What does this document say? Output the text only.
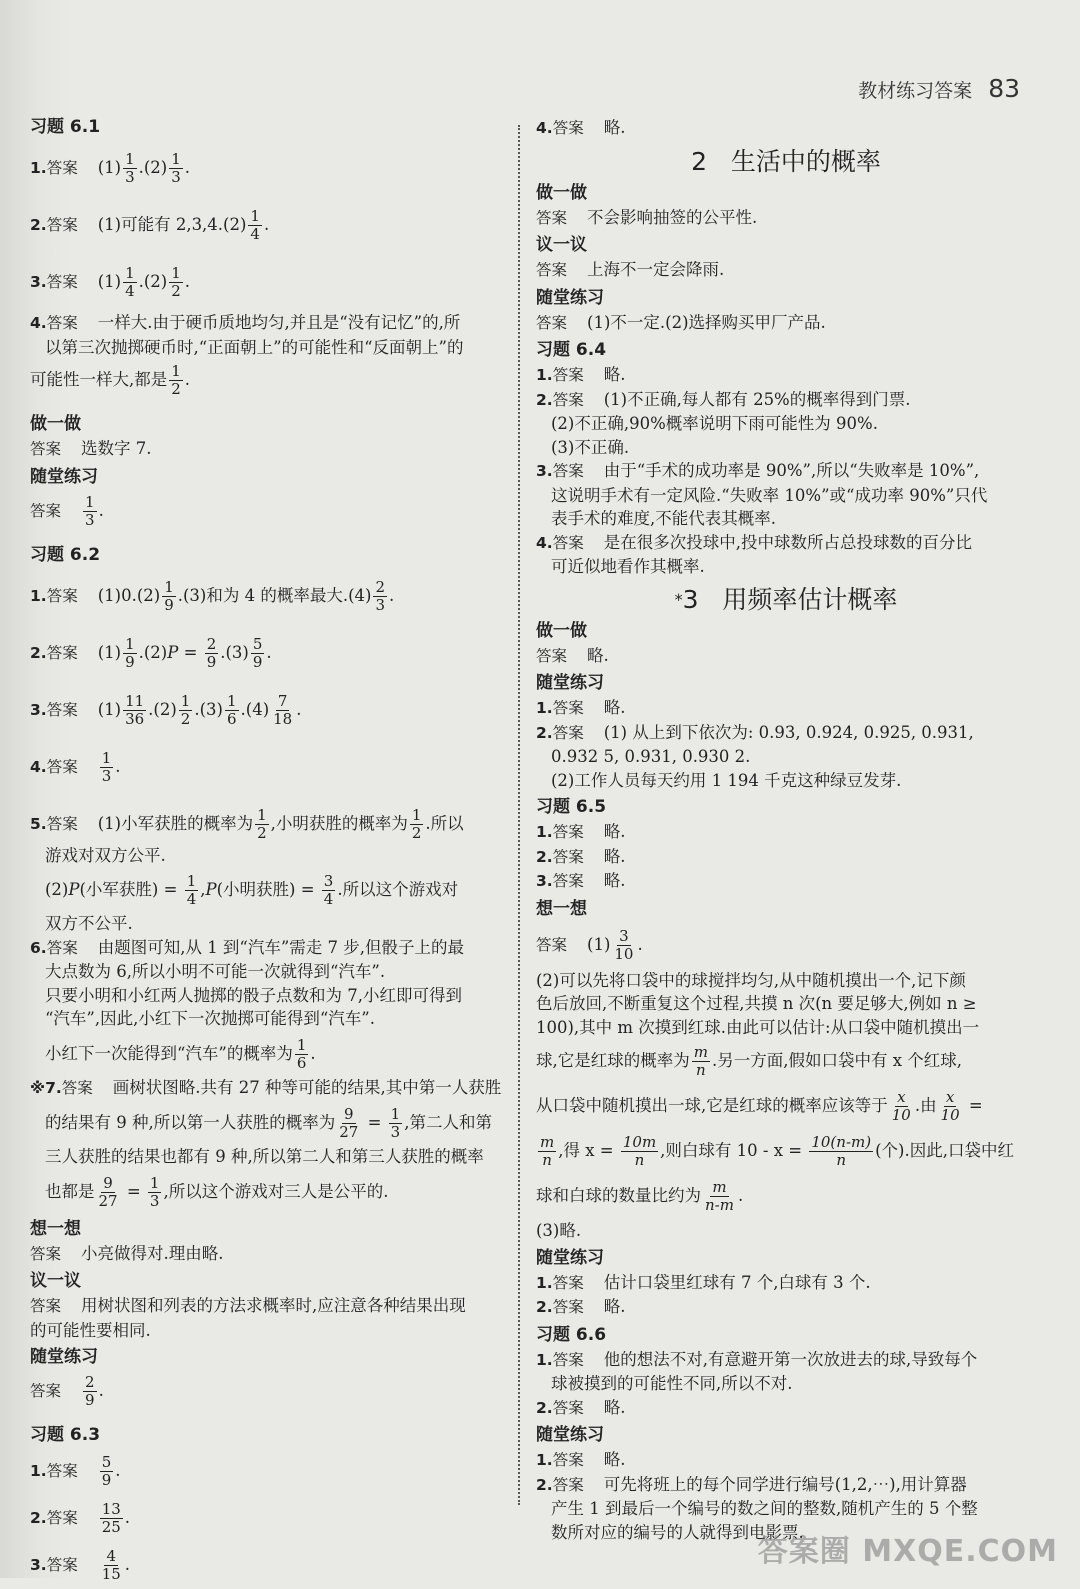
教材练习答案 83
习题 6.1
1.答案 $(1) \frac{1}{3} .(2) \frac{1}{3}$ .
2.答案 (1)可能有 $2,3,4.(2) \frac{1}{4}$ .
3.答案 $(1) \frac{1}{4} .(2) \frac{1}{2}$ .
4.答案 一样大.由于硬币质地均匀,并且是“没有记忆”的,所
以第三次抛掷硬币时,“正面朝上”的可能性和“反面朝上”的
可能性一样大,都是 $\frac{1}{2}$ .
做一做
答案 选数字 7.
随堂练习
答案 $\frac{1}{3}$ .
习题 6.2
1.答案 $(1)0.(2) \frac{1}{9} .(3)$和为 4 的概率最大$.(4) \frac{2}{3}$ .
2.答案 $(1) \frac{1}{9} .(2)P = \frac{2}{9} .(3) \frac{5}{9}$ .
3.答案 $(1) \frac{11}{36} .(2) \frac{1}{2} .(3) \frac{1}{6} .(4) \frac{7}{18}$ .
4.答案 $\frac{1}{3}$ .
5.答案 (1)小军获胜的概率为 $\frac{1}{2}$ ,小明获胜的概率为 $\frac{1}{2}$ .所以
游戏对双方公平.
(2)P(小军获胜) = $\frac{1}{4} ,P$(小明获胜) = $\frac{3}{4}$ .所以这个游戏对
双方不公平.
6.答案 由题图可知,从 1 到“汽车”需走 7 步,但骰子上的最
大点数为 6,所以小明不可能一次就得到“汽车”.
只要小明和小红两人抛掷的骰子点数和为 7,小红即可得到
“汽车”,因此,小红下一次抛掷可能得到“汽车”.
小红下一次能得到“汽车”的概率为 $\frac{1}{6}$ .
※7.答案 画树状图略.共有 27 种等可能的结果,其中第一人获胜
的结果有 9 种,所以第一人获胜的概率为 $\frac{9}{27} = \frac{1}{3}$ ,第二人和第
三人获胜的结果也都有 9 种,所以第二人和第三人获胜的概率
也都是 $\frac{9}{27} = \frac{1}{3}$ ,所以这个游戏对三人是公平的.
想一想
答案 小亮做得对.理由略.
议一议
答案 用树状图和列表的方法求概率时,应注意各种结果出现
的可能性要相同.
随堂练习
答案 $\frac{2}{9}$ .
习题 6.3
1.答案 $\frac{5}{9}$ .
2.答案 $\frac{13}{25}$ .
3.答案 $\frac{4}{15}$ .
4.答案 略.
2 生活中的概率
做一做
答案 不会影响抽签的公平性.
议一议
答案 上海不一定会降雨.
随堂练习
答案 (1)不一定.(2)选择购买甲厂产品.
习题 6.4
1.答案 略.
2.答案 (1)不正确,每人都有 25%的概率得到门票.
(2)不正确,90%概率说明下雨可能性为 90%.
(3)不正确.
3.答案 由于“手术的成功率是 90%”,所以“失败率是 10%”,
这说明手术有一定风险.“失败率 10%”或“成功率 90%”只代
表手术的难度,不能代表其概率.
4.答案 是在很多次投球中,投中球数所占总投球数的百分比
可近似地看作其概率.
*3 用频率估计概率
做一做
答案 略.
随堂练习
1.答案 略.
2.答案 (1) 从上到下依次为: 0.93, 0.924, 0.925, 0.931,
0.932 5, 0.931, 0.930 2.
(2)工作人员每天约用 1 194 千克这种绿豆发芽.
习题 6.5
1.答案 略.
2.答案 略.
3.答案 略.
想一想
答案 $(1) \frac{3}{10}$ .
(2)可以先将口袋中的球搅拌均匀,从中随机摸出一个,记下颜
色后放回,不断重复这个过程,共摸 n 次(n 要足够大,例如 n ≥
100),其中 m 次摸到红球.由此可以估计:从口袋中随机摸出一
球,它是红球的概率为 $\frac{m}{n}$ .另一方面,假如口袋中有 x 个红球,
从口袋中随机摸出一球,它是红球的概率应该等于 $\frac{x}{10}$ .由 $\frac{x}{10}$ =
$\frac{m}{n}$ ,得 $x = \frac{10m}{n}$ ,则白球有 $10 - x = \frac{10(n-m)}{n}$ (个).因此,口袋中红
球和白球的数量比约为 $\frac{m}{n-m}$ .
(3)略.
随堂练习
1.答案 估计口袋里红球有 7 个,白球有 3 个.
2.答案 略.
习题 6.6
1.答案 他的想法不对,有意避开第一次放进去的球,导致每个
球被摸到的可能性不同,所以不对.
2.答案 略.
随堂练习
1.答案 略.
2.答案 可先将班上的每个同学进行编号(1,2,⋯),用计算器
产生 1 到最后一个编号的数之间的整数,随机产生的 5 个整
数所对应的编号的人就得到电影票.
答案圈 MXQE.COM
